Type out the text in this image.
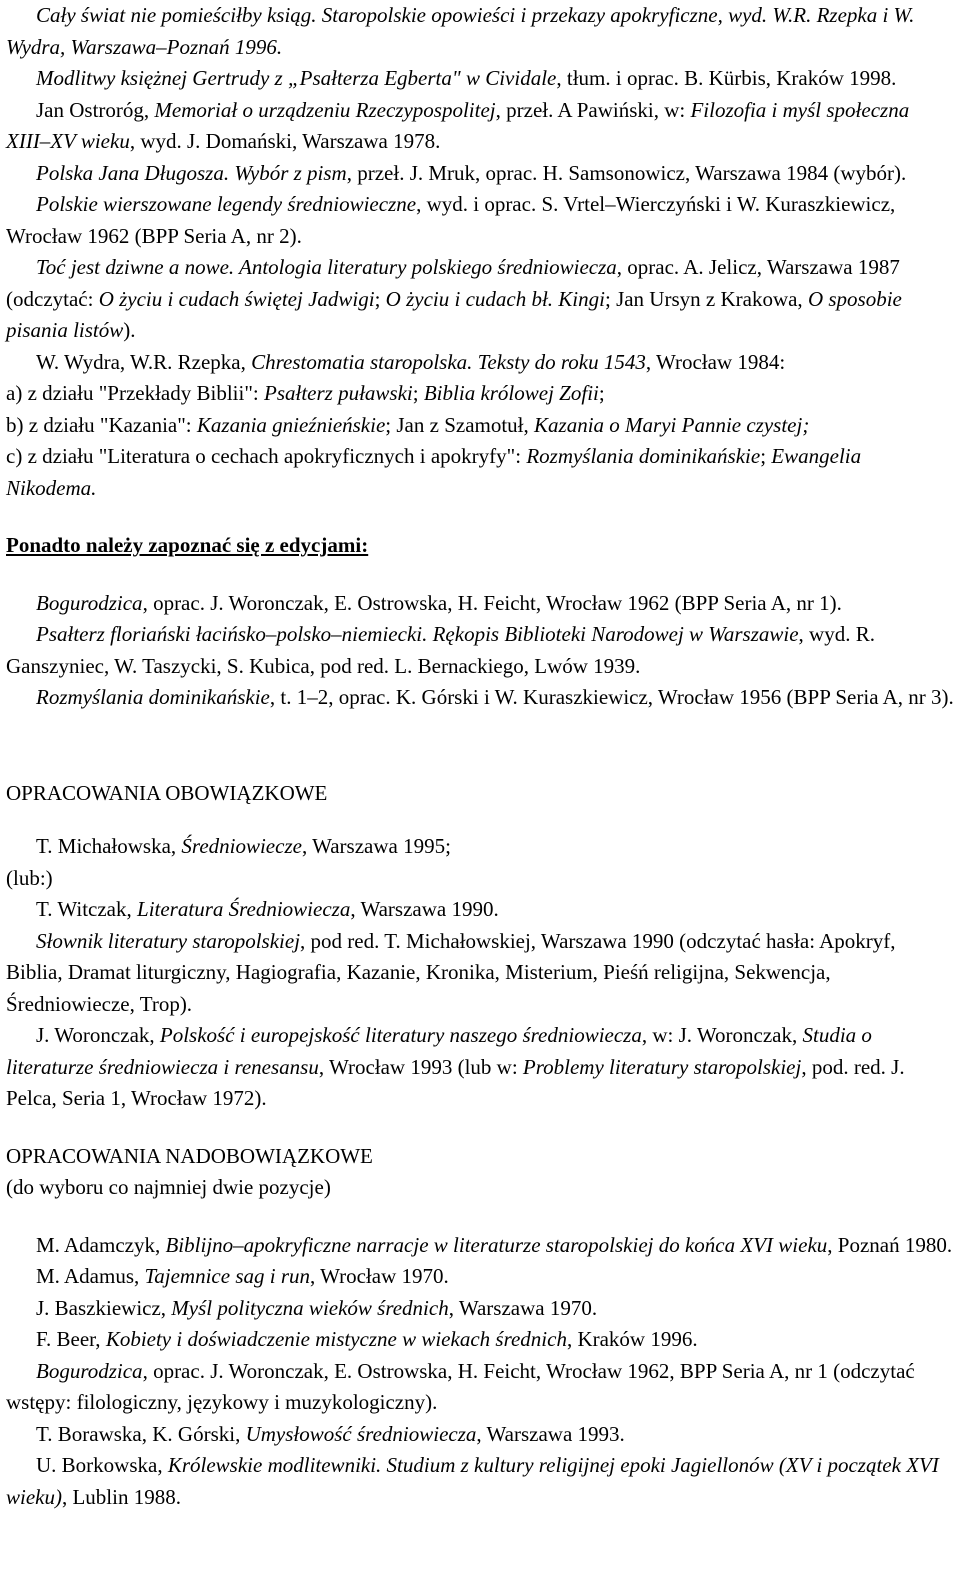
Cały świat nie pomieściłby ksiąg. Staropolskie opowieści i przekazy apokryficzne, wyd. W.R. Rzepka i W. Wydra, Warszawa–Poznań 1996.

Modlitwy księżnej Gertrudy z „Psałterza Egberta" w Cividale, tłum. i oprac. B. Kürbis, Kraków 1998.

Jan Ostroróg, Memoriał o urządzeniu Rzeczypospolitej, przeł. A Pawiński, w: Filozofia i myśl społeczna XIII–XV wieku, wyd. J. Domański, Warszawa 1978.

Polska Jana Długosza. Wybór z pism, przeł. J. Mruk, oprac. H. Samsonowicz, Warszawa 1984 (wybór).

Polskie wierszowane legendy średniowieczne, wyd. i oprac. S. Vrtel–Wierczyński i W. Kuraszkiewicz, Wrocław 1962 (BPP Seria A, nr 2).

Toć jest dziwne a nowe. Antologia literatury polskiego średniowiecza, oprac. A. Jelicz, Warszawa 1987 (odczytać: O życiu i cudach świętej Jadwigi; O życiu i cudach bł. Kingi; Jan Ursyn z Krakowa, O sposobie pisania listów).

W. Wydra, W.R. Rzepka, Chrestomatia staropolska. Teksty do roku 1543, Wrocław 1984:

a) z działu "Przekłady Biblii": Psałterz puławski; Biblia królowej Zofii;

b) z działu "Kazania": Kazania gnieźnieńskie; Jan z Szamotuł, Kazania o Maryi Pannie czystej;

c) z działu "Literatura o cechach apokryficznych i apokryfy": Rozmyślania dominikańskie; Ewangelia Nikodema.

Ponadto należy zapoznać się z edycjami:

Bogurodzica, oprac. J. Woronczak, E. Ostrowska, H. Feicht, Wrocław 1962 (BPP Seria A, nr 1).

Psałterz floriański łacińsko–polsko–niemiecki. Rękopis Biblioteki Narodowej w Warszawie, wyd. R. Ganszyniec, W. Taszycki, S. Kubica, pod red. L. Bernackiego, Lwów 1939.

Rozmyślania dominikańskie, t. 1–2, oprac. K. Górski i W. Kuraszkiewicz, Wrocław 1956 (BPP Seria A, nr 3).

OPRACOWANIA OBOWIĄZKOWE

T. Michałowska, Średniowiecze, Warszawa 1995;

(lub:)

T. Witczak, Literatura Średniowiecza, Warszawa 1990.

Słownik literatury staropolskiej, pod red. T. Michałowskiej, Warszawa 1990 (odczytać hasła: Apokryf, Biblia, Dramat liturgiczny, Hagiografia, Kazanie, Kronika, Misterium, Pieśń religijna, Sekwencja, Średniowiecze, Trop).

J. Woronczak, Polskość i europejskość literatury naszego średniowiecza, w: J. Woronczak, Studia o literaturze średniowiecza i renesansu, Wrocław 1993 (lub w: Problemy literatury staropolskiej, pod. red. J. Pelca, Seria 1, Wrocław 1972).

OPRACOWANIA NADOBOWIĄZKOWE

(do wyboru co najmniej dwie pozycje)

M. Adamczyk, Biblijno–apokryficzne narracje w literaturze staropolskiej do końca XVI wieku, Poznań 1980.

M. Adamus, Tajemnice sag i run, Wrocław 1970.

J. Baszkiewicz, Myśl polityczna wieków średnich, Warszawa 1970.

F. Beer, Kobiety i doświadczenie mistyczne w wiekach średnich, Kraków 1996.

Bogurodzica, oprac. J. Woronczak, E. Ostrowska, H. Feicht, Wrocław 1962, BPP Seria A, nr 1 (odczytać wstępy: filologiczny, językowy i muzykologiczny).

T. Borawska, K. Górski, Umysłowość średniowiecza, Warszawa 1993.

U. Borkowska, Królewskie modlitewniki. Studium z kultury religijnej epoki Jagiellonów (XV i początek XVI wieku), Lublin 1988.
